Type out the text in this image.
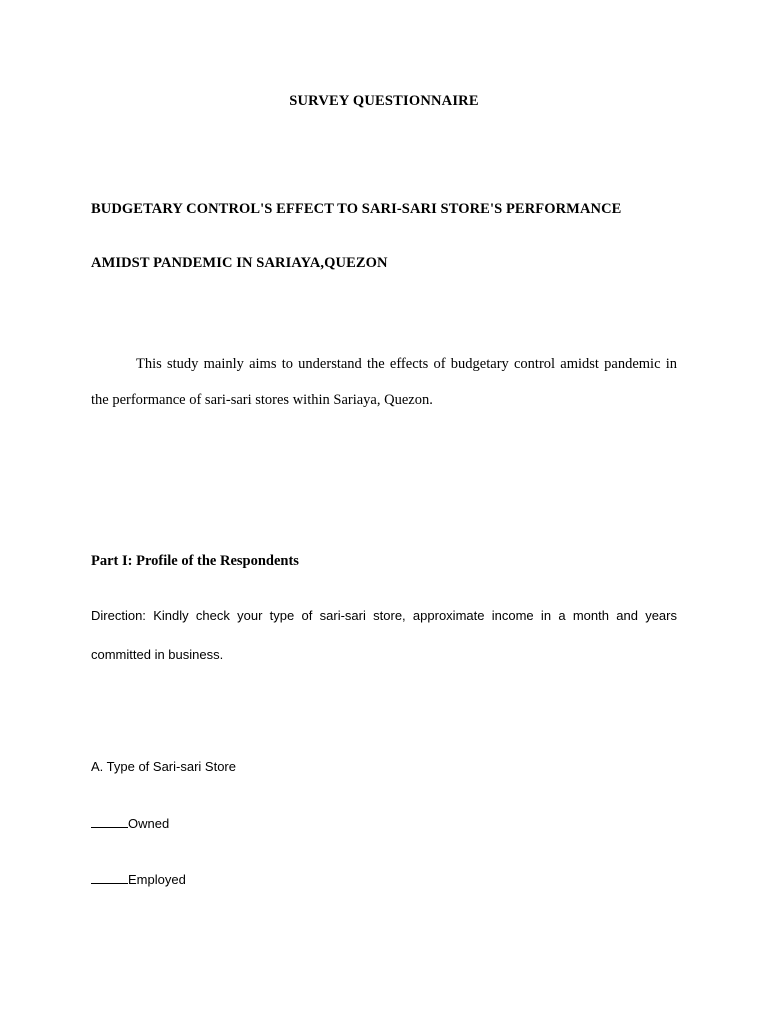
SURVEY QUESTIONNAIRE

BUDGETARY CONTROL'S EFFECT TO SARI-SARI STORE'S PERFORMANCE

AMIDST PANDEMIC IN SARIAYA,QUEZON

This study mainly aims to understand the effects of budgetary control amidst pandemic in

the performance of sari-sari stores within Sariaya, Quezon.

Part I: Profile of the Respondents

Direction: Kindly check your type of sari-sari store, approximate income in a month and years

committed in business.

A. Type of Sari-sari Store

Owned

Employed
